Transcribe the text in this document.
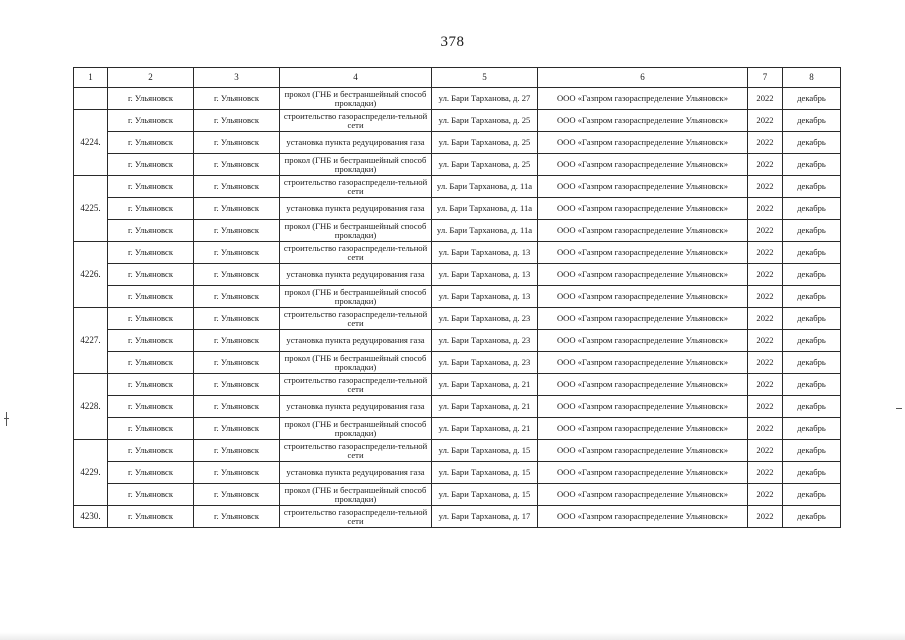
378
1	2	3	4	5	6	7	8
	г. Ульяновск	г. Ульяновск	прокол (ГНБ и бестраншейный способ прокладки)	ул. Бари Тарханова, д. 27	ООО «Газпром газораспределение Ульяновск»	2022	декабрь
4224.	г. Ульяновск	г. Ульяновск	строительство газораспредели-тельной сети	ул. Бари Тарханова, д. 25	ООО «Газпром газораспределение Ульяновск»	2022	декабрь
	г. Ульяновск	г. Ульяновск	установка пункта редуцирования газа	ул. Бари Тарханова, д. 25	ООО «Газпром газораспределение Ульяновск»	2022	декабрь
	г. Ульяновск	г. Ульяновск	прокол (ГНБ и бестраншейный способ прокладки)	ул. Бари Тарханова, д. 25	ООО «Газпром газораспределение Ульяновск»	2022	декабрь
4225.	г. Ульяновск	г. Ульяновск	строительство газораспредели-тельной сети	ул. Бари Тарханова, д. 11а	ООО «Газпром газораспределение Ульяновск»	2022	декабрь
	г. Ульяновск	г. Ульяновск	установка пункта редуцирования газа	ул. Бари Тарханова, д. 11а	ООО «Газпром газораспределение Ульяновск»	2022	декабрь
	г. Ульяновск	г. Ульяновск	прокол (ГНБ и бестраншейный способ прокладки)	ул. Бари Тарханова, д. 11а	ООО «Газпром газораспределение Ульяновск»	2022	декабрь
4226.	г. Ульяновск	г. Ульяновск	строительство газораспредели-тельной сети	ул. Бари Тарханова, д. 13	ООО «Газпром газораспределение Ульяновск»	2022	декабрь
	г. Ульяновск	г. Ульяновск	установка пункта редуцирования газа	ул. Бари Тарханова, д. 13	ООО «Газпром газораспределение Ульяновск»	2022	декабрь
	г. Ульяновск	г. Ульяновск	прокол (ГНБ и бестраншейный способ прокладки)	ул. Бари Тарханова, д. 13	ООО «Газпром газораспределение Ульяновск»	2022	декабрь
4227.	г. Ульяновск	г. Ульяновск	строительство газораспредели-тельной сети	ул. Бари Тарханова, д. 23	ООО «Газпром газораспределение Ульяновск»	2022	декабрь
	г. Ульяновск	г. Ульяновск	установка пункта редуцирования газа	ул. Бари Тарханова, д. 23	ООО «Газпром газораспределение Ульяновск»	2022	декабрь
	г. Ульяновск	г. Ульяновск	прокол (ГНБ и бестраншейный способ прокладки)	ул. Бари Тарханова, д. 23	ООО «Газпром газораспределение Ульяновск»	2022	декабрь
4228.	г. Ульяновск	г. Ульяновск	строительство газораспредели-тельной сети	ул. Бари Тарханова, д. 21	ООО «Газпром газораспределение Ульяновск»	2022	декабрь
	г. Ульяновск	г. Ульяновск	установка пункта редуцирования газа	ул. Бари Тарханова, д. 21	ООО «Газпром газораспределение Ульяновск»	2022	декабрь
	г. Ульяновск	г. Ульяновск	прокол (ГНБ и бестраншейный способ прокладки)	ул. Бари Тарханова, д. 21	ООО «Газпром газораспределение Ульяновск»	2022	декабрь
4229.	г. Ульяновск	г. Ульяновск	строительство газораспредели-тельной сети	ул. Бари Тарханова, д. 15	ООО «Газпром газораспределение Ульяновск»	2022	декабрь
	г. Ульяновск	г. Ульяновск	установка пункта редуцирования газа	ул. Бари Тарханова, д. 15	ООО «Газпром газораспределение Ульяновск»	2022	декабрь
	г. Ульяновск	г. Ульяновск	прокол (ГНБ и бестраншейный способ прокладки)	ул. Бари Тарханова, д. 15	ООО «Газпром газораспределение Ульяновск»	2022	декабрь
4230.	г. Ульяновск	г. Ульяновск	строительство газораспредели-тельной сети	ул. Бари Тарханова, д. 17	ООО «Газпром газораспределение Ульяновск»	2022	декабрь
